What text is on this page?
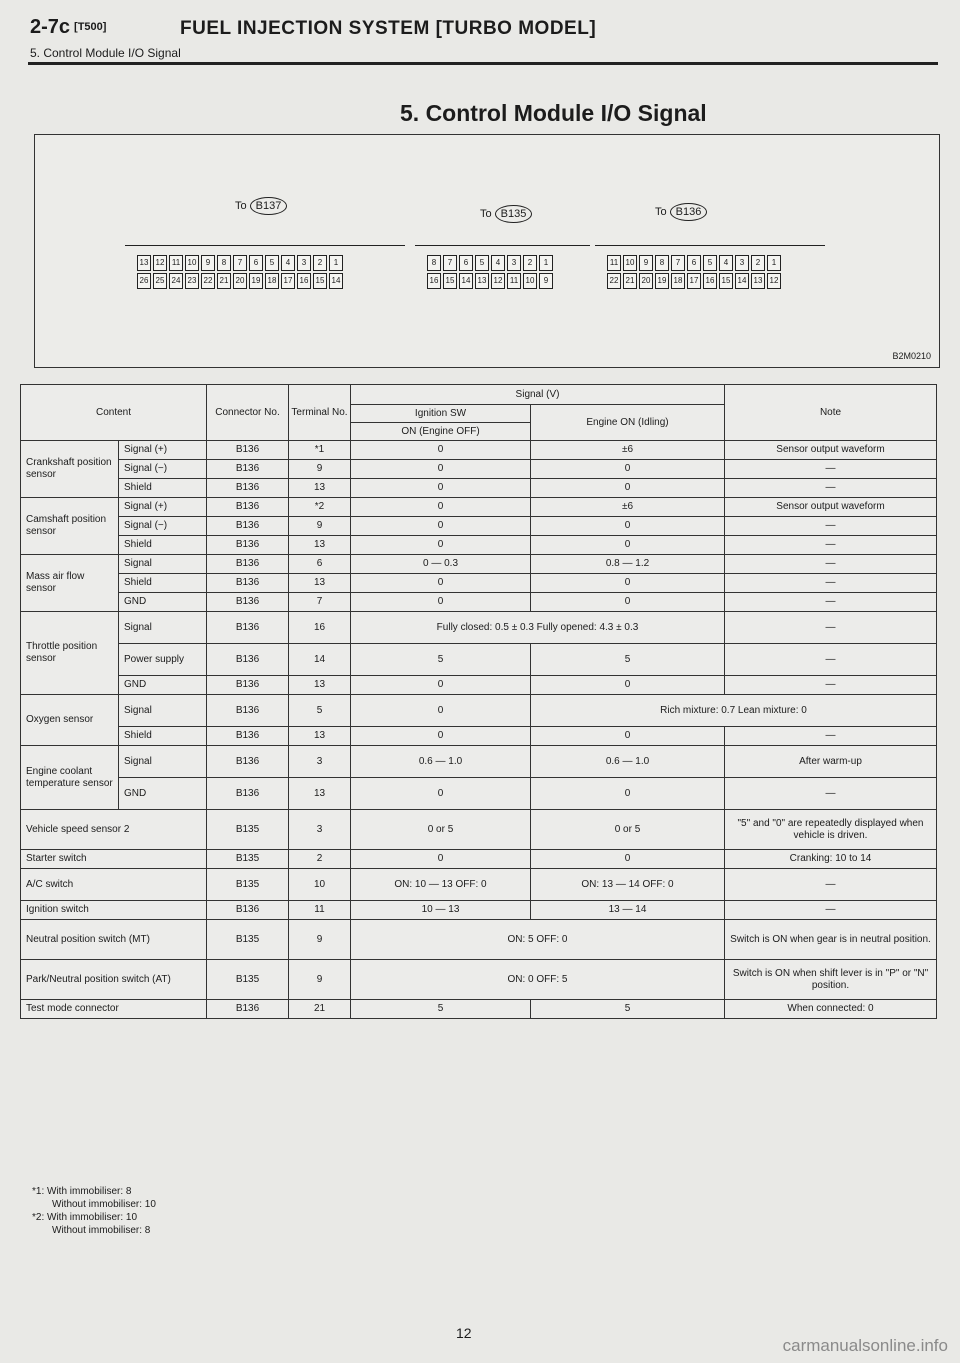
2-7c [T500]	FUEL INJECTION SYSTEM [TURBO MODEL]
5. Control Module I/O Signal
5. Control Module I/O Signal
To B137
To B135	To B136
13 12 11 10	9	8	7	6	5	4	3	2	1
26 25 24 23 22 21 20 19 18 17 16 15 14
8	7	6	5	4	3	2	1
16 15 14 13 12 11 10	9
11 10	9	8	7	6	5	4	3	2	1
22 21 20 19 18 17 16 15 14 13 12
B2M0210
Content		Connector No.	Terminal No.	Signal (V)		Note
				Ignition SW	Engine ON (Idling)	
				ON (Engine OFF)		
Crankshaft position sensor	Signal (+)	B136	*1	0	±6	Sensor output waveform
	Signal (−)	B136	9	0	0	—
	Shield	B136	13	0	0	—
Camshaft position sensor	Signal (+)	B136	*2	0	±6	Sensor output waveform
	Signal (−)	B136	9	0	0	—
	Shield	B136	13	0	0	—
Mass air flow sensor	Signal	B136	6	0 — 0.3	0.8 — 1.2	—
	Shield	B136	13	0	0	—
	GND	B136	7	0	0	—
Throttle position sensor	Signal	B136	16	Fully closed: 0.5 ± 0.3 Fully opened: 4.3 ± 0.3		—
	Power supply	B136	14	5	5	—
	GND	B136	13	0	0	—
Oxygen sensor	Signal	B136	5	0	Rich mixture: 0.7 Lean mixture: 0	
	Shield	B136	13	0	0	—
Engine coolant temperature sensor	Signal	B136	3	0.6 — 1.0	0.6 — 1.0	After warm-up
	GND	B136	13	0	0	—
Vehicle speed sensor 2		B135	3	0 or 5	0 or 5	"5" and "0" are repeatedly displayed when vehicle is driven.
Starter switch		B135	2	0	0	Cranking: 10 to 14
A/C switch		B135	10	ON: 10 — 13 OFF: 0	ON: 13 — 14 OFF: 0	—
Ignition switch		B136	11	10 — 13	13 — 14	—
Neutral position switch (MT)		B135	9	ON: 5 OFF: 0		Switch is ON when gear is in neutral position.
Park/Neutral position switch (AT)		B135	9	ON: 0 OFF: 5		Switch is ON when shift lever is in "P" or "N" position.
Test mode connector		B136	21	5	5	When connected: 0
*1: With immobiliser: 8
Without immobiliser: 10
*2: With immobiliser: 10
Without immobiliser: 8
12
carmanualsonline.info
